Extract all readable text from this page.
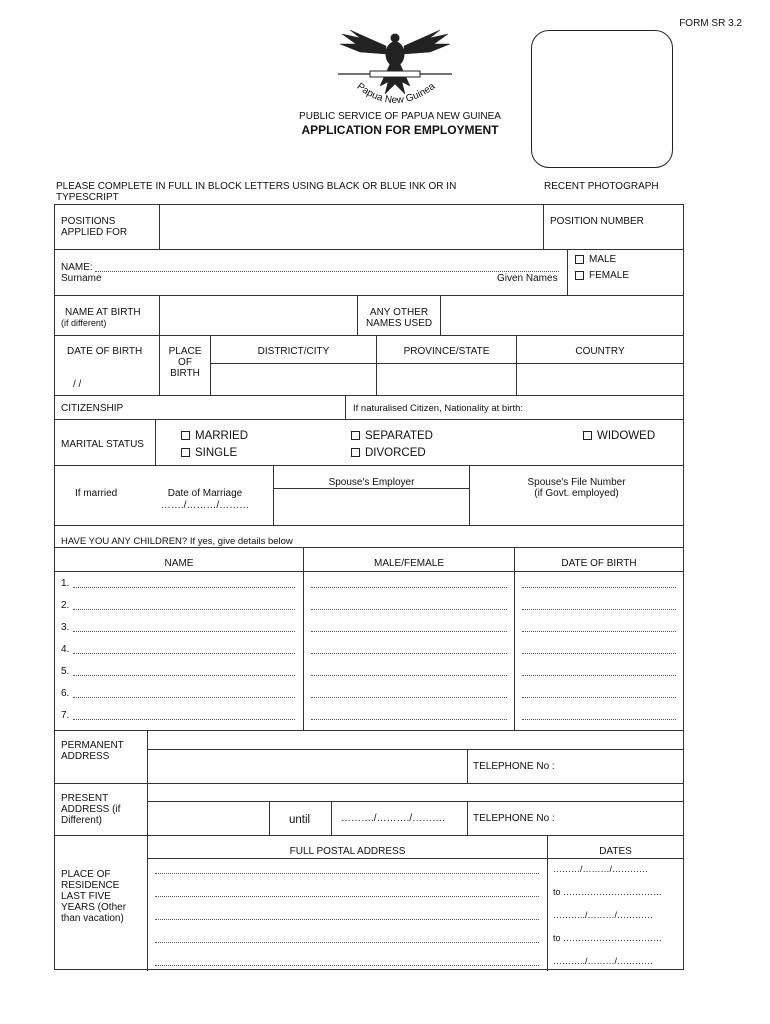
FORM SR 3.2
Papua New Guinea
PUBLIC SERVICE OF PAPUA NEW GUINEA
APPLICATION FOR EMPLOYMENT
RECENT PHOTOGRAPH
PLEASE COMPLETE IN FULL IN BLOCK LETTERS USING BLACK OR BLUE INK OR IN TYPESCRIPT
POSITIONS
APPLIED FOR
POSITION NUMBER
NAME:
Surname	Given Names
MALE
FEMALE
NAME AT BIRTH
(if different)
ANY OTHER
NAMES USED
DATE OF BIRTH
/ /
PLACE
OF
BIRTH
DISTRICT/CITY	PROVINCE/STATE	COUNTRY
CITIZENSHIP	If naturalised Citizen, Nationality at birth:
MARITAL STATUS
MARRIED
SINGLE
SEPARATED
DIVORCED
WIDOWED
If married	Date of Marriage
……./………/………
Spouse's Employer	Spouse's File Number
(if Govt. employed)
HAVE YOU ANY CHILDREN? If yes, give details below
NAME	MALE/FEMALE	DATE OF BIRTH
1.
2.
3.
4.
5.
6.
7.
PERMANENT
ADDRESS
TELEPHONE No :
PRESENT
ADDRESS (if
Different)	until	………./………./……….	TELEPHONE No :
PLACE OF
RESIDENCE
LAST FIVE
YEARS (Other
than vacation)
FULL POSTAL ADDRESS	DATES
………/………/…………
to ……………………………
………../………/…………
to ……………………………
………../………/…………
